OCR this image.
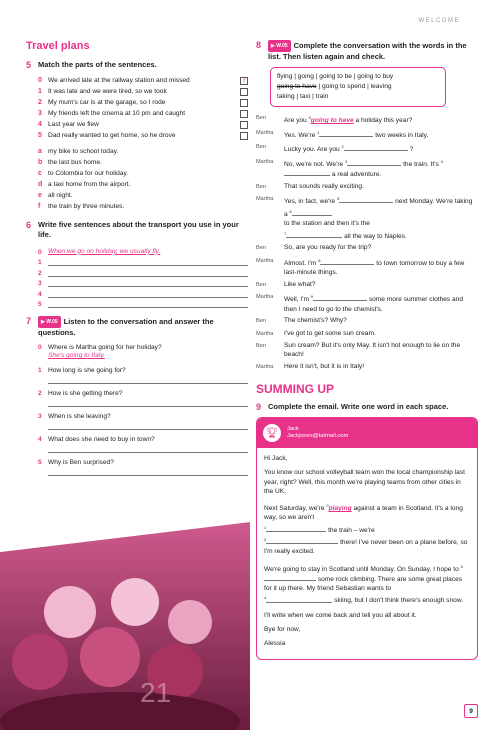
WELCOME
Travel plans
5 Match the parts of the sentences.
0 We arrived late at the railway station and missed	f
1 It was late and we were tired, so we took
2 My mum's car is at the garage, so I rode
3 My friends left the cinema at 10 pm and caught
4 Last year we flew
5 Dad really wanted to get home, so he drove
a my bike to school today.
b the last bus home.
c to Colombia for our holiday.
d a taxi home from the airport.
e all night.
f	the train by three minutes.
6 Write five sentences about the transport you use in your life.
0 When we go on holiday, we usually fly.
1
2
3
4
5
7	▶︎ W.05 Listen to the conversation and answer the questions.
0 Where is Martha going for her holiday?
She's going to Italy.
1 How long is she going for?
2 How is she getting there?
3 When is she leaving?
4 What does she need to buy in town?
5 Why is Ben surprised?
21
8	▶︎ W.05 Complete the conversation with the words in the list. Then listen again and check.
flying | going | going to be | going to buy
going to have | going to spend | leaving
taking | taxi | train
Ben	Are you $^0$going to have a holiday this year?
Martha	Yes. We're $^1$	two weeks in Italy.
Ben	Lucky you. Are you $^2$	?
Martha	No, we're not. We're $^3$	the train. It's $^4$ a real adventure.
Ben	That sounds really exciting.
Martha	Yes, in fact, we're $^5$	next Monday. We're taking a $^6$
to the station and then it's the
$^7$	all the way to Naples.
Ben	So, are you ready for the trip?
Martha	Almost. I'm $^8$	to town tomorrow to buy a few last-minute things.
Ben	Like what?
Martha	Well, I'm $^9$	some more summer clothes and then I need to go to the chemist's.
Ben	The chemist's? Why?
Martha	I've got to get some sun cream.
Ben	Sun cream? But it's only May. It isn't hot enough to lie on the beach!
Martha	Here it isn't, but it is in Italy!
SUMMING UP
9 Complete the email. Write one word in each space.
🏆︎	Jack
Jackjones@tatmail.com

Hi Jack,

You know our school volleyball team won the local championship last year, right? Well, this month we're playing teams from other cities in the UK.

Next Saturday, we're $^0$playing against a team in Scotland. It's a long way, so we aren't
$^1$	the train – we're
$^2$	there! I've never been on a plane before, so I'm really excited.

We're going to stay in Scotland until Monday. On Sunday, I hope to $^3$ some rock climbing. There are some great places for it up there. My friend Sebastian wants to
$^4$	skiing, but I don't think there's enough snow.

I'll write when we come back and tell you all about it.

Bye for now,

Alessia

9
